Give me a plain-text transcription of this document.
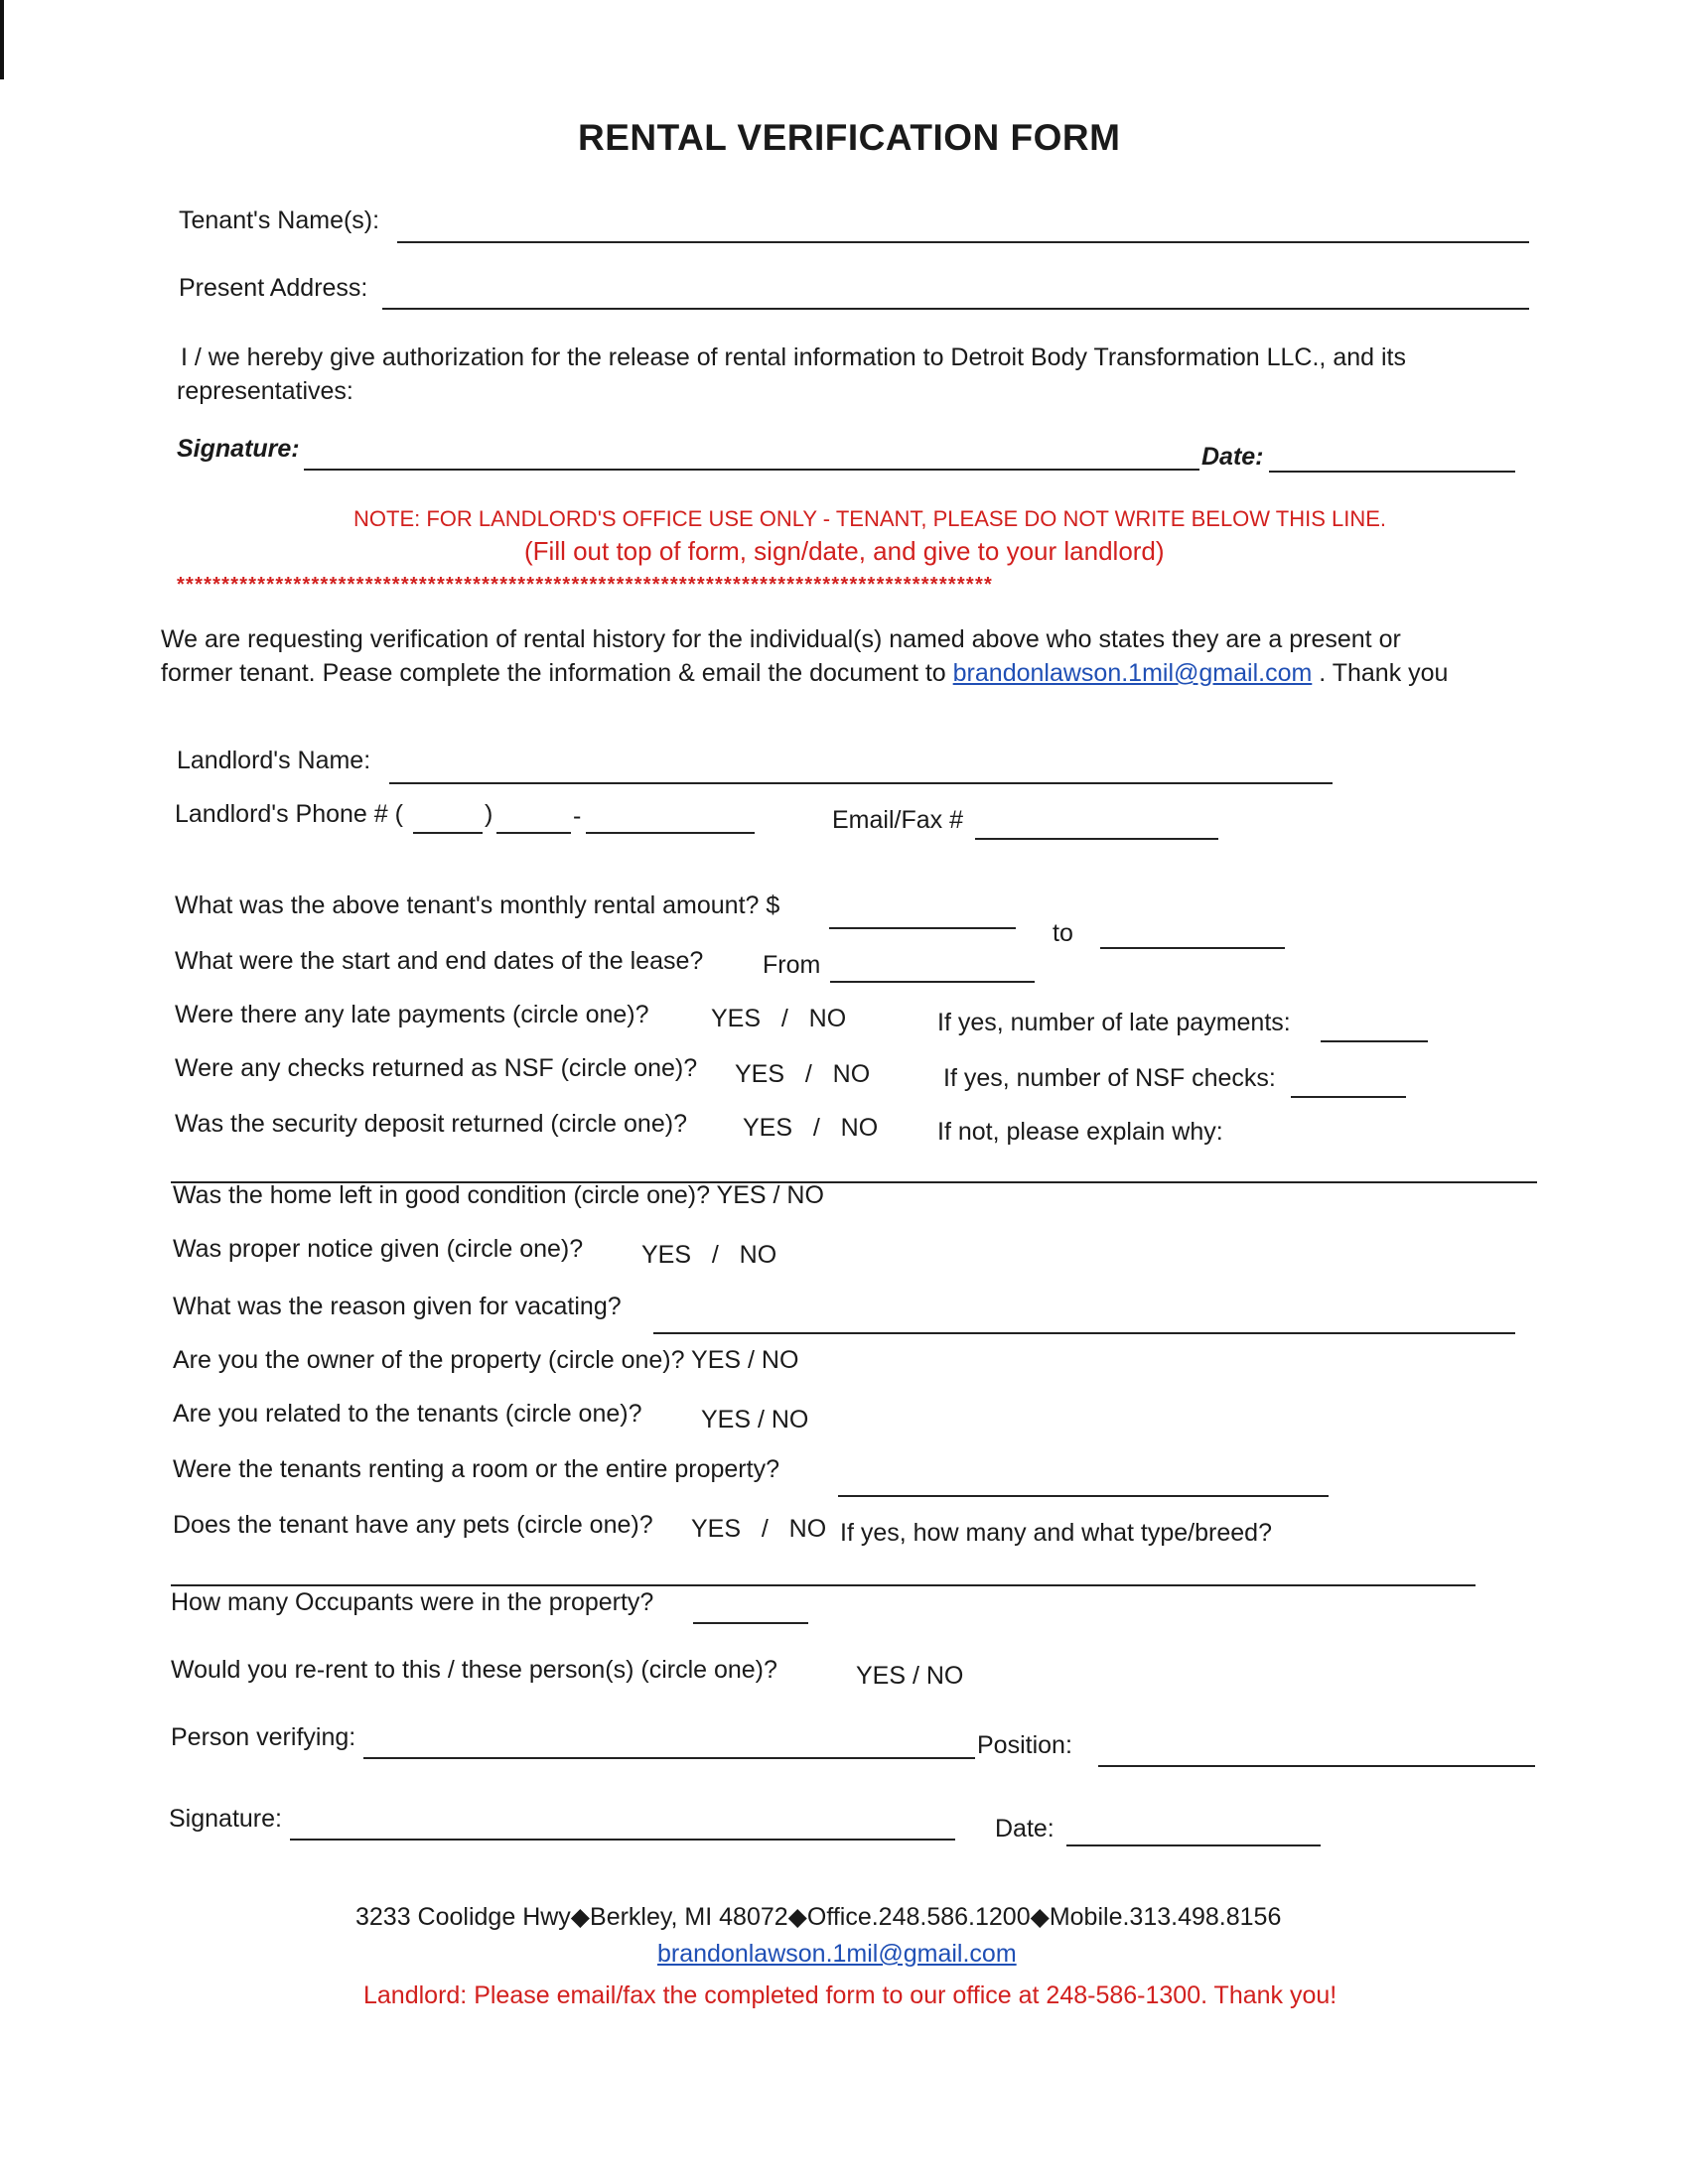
RENTAL VERIFICATION FORM
Tenant's Name(s):
Present Address:
I / we hereby give authorization for the release of rental information to Detroit Body Transformation LLC., and its
representatives:
Signature:	Date:
NOTE: FOR LANDLORD'S OFFICE USE ONLY - TENANT, PLEASE DO NOT WRITE BELOW THIS LINE.
(Fill out top of form, sign/date, and give to your landlord)
*******************************************************************************************
We are requesting verification of rental history for the individual(s) named above who states they are a present or
former tenant. Pease complete the information & email the document to brandonlawson.1mil@gmail.com . Thank you
Landlord's Name:
Landlord's Phone # (	)	-	Email/Fax #
What was the above tenant's monthly rental amount? $
to
What were the start and end dates of the lease? From
Were there any late payments (circle one)? YES   /   NO	If yes, number of late payments:
Were any checks returned as NSF (circle one)? YES   /   NO	If yes, number of NSF checks:
Was the security deposit returned (circle one)? YES   /   NO If not, please explain why:
Was the home left in good condition (circle one)? YES / NO
Was proper notice given (circle one)? YES   /   NO
What was the reason given for vacating?
Are you the owner of the property (circle one)? YES / NO
Are you related to the tenants (circle one)? YES / NO
Were the tenants renting a room or the entire property?
Does the tenant have any pets (circle one)? YES   /   NO If yes, how many and what type/breed?
How many Occupants were in the property?
Would you re-rent to this / these person(s) (circle one)?	YES / NO
Person verifying:	Position:
Signature:	Date:
3233 Coolidge Hwy◆Berkley, MI 48072◆Office.248.586.1200◆Mobile.313.498.8156
brandonlawson.1mil@gmail.com
Landlord: Please email/fax the completed form to our office at 248-586-1300. Thank you!
